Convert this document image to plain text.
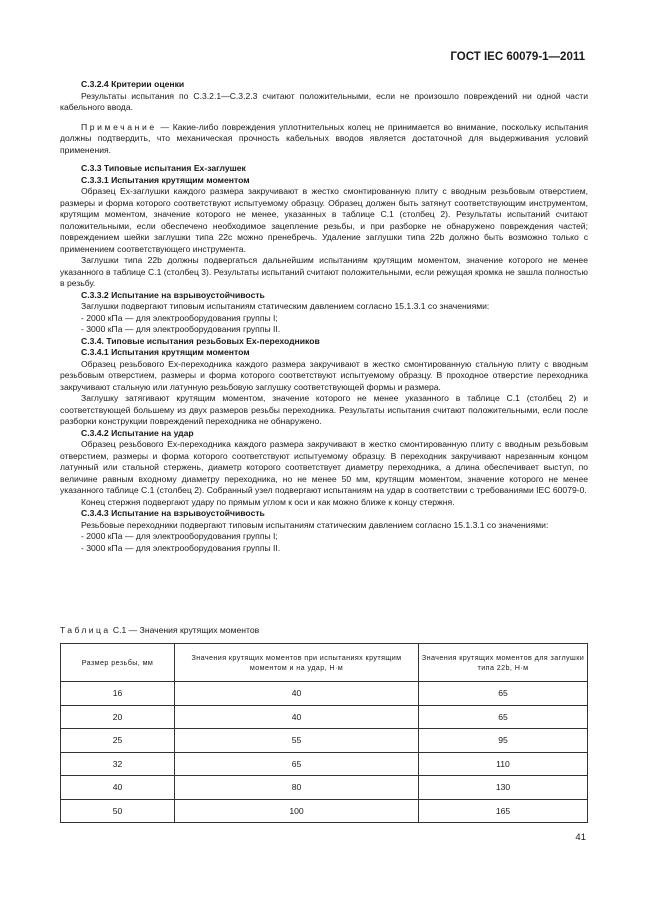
ГОСТ IEC 60079-1—2011

С.3.2.4 Критерии оценки

Результаты испытания по С.3.2.1—С.3.2.3 считают положительными, если не произошло повреждений ни одной части кабельного ввода.

Примечание — Какие-либо повреждения уплотнительных колец не принимается во внимание, поскольку испытания должны подтвердить, что механическая прочность кабельных вводов является достаточной для выдерживания условий применения.

С.3.3 Типовые испытания Ех-заглушек

С.3.3.1 Испытания крутящим моментом

Образец Ех-заглушки каждого размера закручивают в жестко смонтированную плиту с вводным резьбовым отверстием, размеры и форма которого соответствуют испытуемому образцу. Образец должен быть затянут соответствующим инструментом, крутящим моментом, значение которого не менее, указанных в таблице С.1 (столбец 2). Результаты испытаний считают положительными, если обеспечено необходимое зацепление резьбы, и при разборке не обнаружено повреждения частей; повреждением шейки заглушки типа 22с можно пренебречь. Удаление заглушки типа 22b должно быть возможно только с применением соответствующего инструмента.

Заглушки типа 22b должны подвергаться дальнейшим испытаниям крутящим моментом, значение которого не менее указанного в таблице С.1 (столбец 3). Результаты испытаний считают положительными, если режущая кромка не зашла полностью в резьбу.

С.3.3.2 Испытание на взрывоустойчивость

Заглушки подвергают типовым испытаниям статическим давлением согласно 15.1.3.1 со значениями:

- 2000 кПа — для электрооборудования группы I;

- 3000 кПа — для электрооборудования группы II.

С.3.4. Типовые испытания резьбовых Ех-переходников

С.3.4.1 Испытания крутящим моментом

Образец резьбового Ех-переходника каждого размера закручивают в жестко смонтированную стальную плиту с вводным резьбовым отверстием, размеры и форма которого соответствуют испытуемому образцу. В проходное отверстие переходника закручивают стальную или латунную резьбовую заглушку соответствующей формы и размера.

Заглушку затягивают крутящим моментом, значение которого не менее указанного в таблице С.1 (столбец 2) и соответствующей большему из двух размеров резьбы переходника. Результаты испытания считают положительными, если после разборки конструкции повреждений переходника не обнаружено.

С.3.4.2 Испытание на удар

Образец резьбового Ех-переходника каждого размера закручивают в жестко смонтированную плиту с вводным резьбовым отверстием, размеры и форма которого соответствуют испытуемому образцу. В переходник закручивают нарезанным концом латунный или стальной стержень, диаметр которого соответствует диаметру переходника, а длина обеспечивает выступ, по величине равным входному диаметру переходника, но не менее 50 мм, крутящим моментом, значение которого не менее указанного таблице С.1 (столбец 2). Собранный узел подвергают испытаниям на удар в соответствии с требованиями IEC 60079-0.

Конец стержня подвергают удару по прямым углом к оси и как можно ближе к концу стержня.

С.3.4.3 Испытание на взрывоустойчивость

Резьбовые переходники подвергают типовым испытаниям статическим давлением согласно 15.1.3.1 со значениями:

- 2000 кПа — для электрооборудования группы I;

- 3000 кПа — для электрооборудования группы II.

Таблица С.1 — Значения крутящих моментов
Размер резьбы, мм	Значения крутящих моментов при испытаниях крутящим моментом и на удар, Н·м	Значения крутящих моментов для заглушки типа 22b, Н·м
16	40	65
20	40	65
25	55	95
32	65	110
40	80	130
50	100	165
41
